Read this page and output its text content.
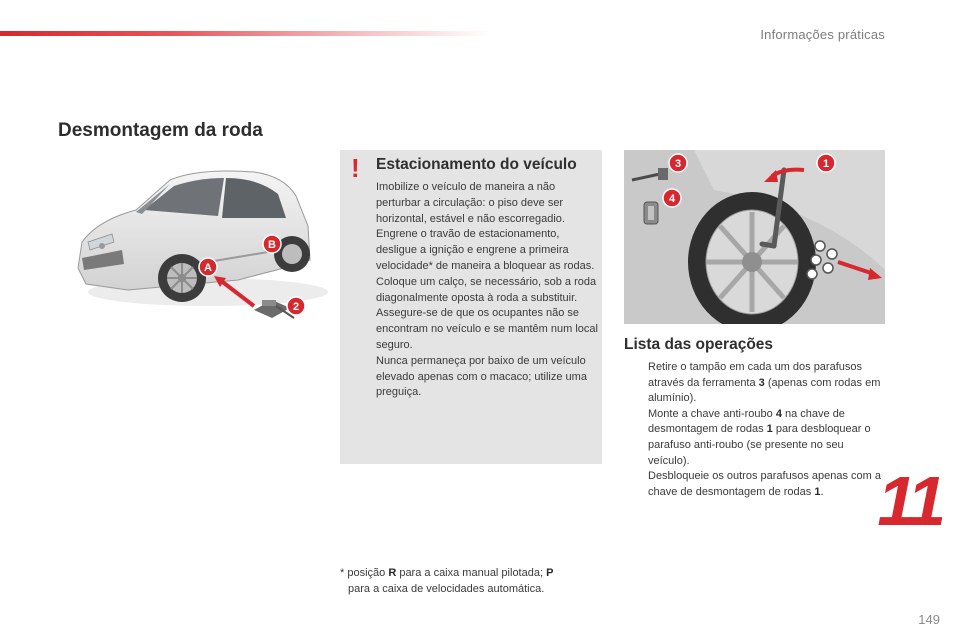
Informações práticas
Desmontagem da roda
A
B
2
! Estacionamento do veículo
Imobilize o veículo de maneira a não perturbar a circulação: o piso deve ser horizontal, estável e não escorregadio.
Engrene o travão de estacionamento, desligue a ignição e engrene a primeira velocidade* de maneira a bloquear as rodas.
Coloque um calço, se necessário, sob a roda diagonalmente oposta à roda a substituir.
Assegure-se de que os ocupantes não se encontram no veículo e se mantêm num local seguro.
Nunca permaneça por baixo de um veículo elevado apenas com o macaco; utilize uma preguiça.
3
4
1
Lista das operações
Retire o tampão em cada um dos parafusos através da ferramenta 3 (apenas com rodas em alumínio).
Monte a chave anti-roubo 4 na chave de desmontagem de rodas 1 para desbloquear o parafuso anti-roubo (se presente no seu veículo).
Desbloqueie os outros parafusos apenas com a chave de desmontagem de rodas 1.
* posição R para a caixa manual pilotada; P
para a caixa de velocidades automática.
11
149
